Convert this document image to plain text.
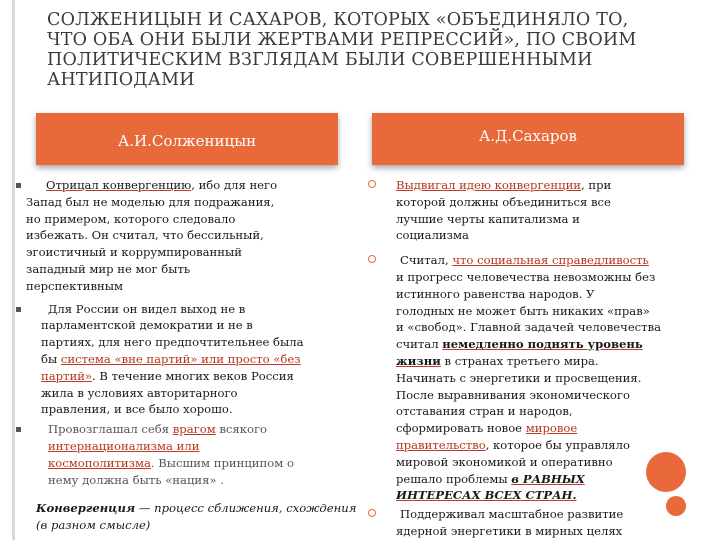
СОЛЖЕНИЦЫН И САХАРОВ, КОТОРЫХ «ОБЪЕДИНЯЛО ТО,
ЧТО ОБА ОНИ БЫЛИ ЖЕРТВАМИ РЕПРЕССИЙ», ПО СВОИМ
ПОЛИТИЧЕСКИМ ВЗГЛЯДАМ БЫЛИ СОВЕРШЕННЫМИ
АНТИПОДАМИ
А.И.Солженицын	А.Д.Сахаров
Отрицал конвергенцию, ибо для него
Запад был не моделью для подражания,
но примером, которого следовало
избежать. Он считал, что бессильный,
эгоистичный и коррумпированный
западный мир не мог быть
перспективным
Для России он видел выход не в
парламентской демократии и не в
партиях, для него предпочтительнее была
бы система «вне партий» или просто «без
партий». В течение многих веков Россия
жила в условиях авторитарного
правления, и все было хорошо.
Провозглашал себя врагом всякого
интернационализма или
космополитизма. Высшим принципом о
нему должна быть «нация» .
Выдвигал идею конвергенции, при
которой должны объединиться все
лучшие черты капитализма и
социализма
Считал, что социальная справедливость
и прогресс человечества невозможны без
истинного равенства народов. У
голодных не может быть никаких «прав»
и «свобод». Главной задачей человечества
считал немедленно поднять уровень
жизни в странах третьего мира.
Начинать с энергетики и просвещения.
После выравнивания экономического
отставания стран и народов,
сформировать новое мировое
правительство, которое бы управляло
мировой экономикой и оперативно
решало проблемы в РАВНЫХ
ИНТЕРЕСАХ ВСЕХ СТРАН.
Поддерживал масштабное развитие
ядерной энергетики в мирных целях
Конвергенция — процесс сближения, схождения
(в разном смысле)
